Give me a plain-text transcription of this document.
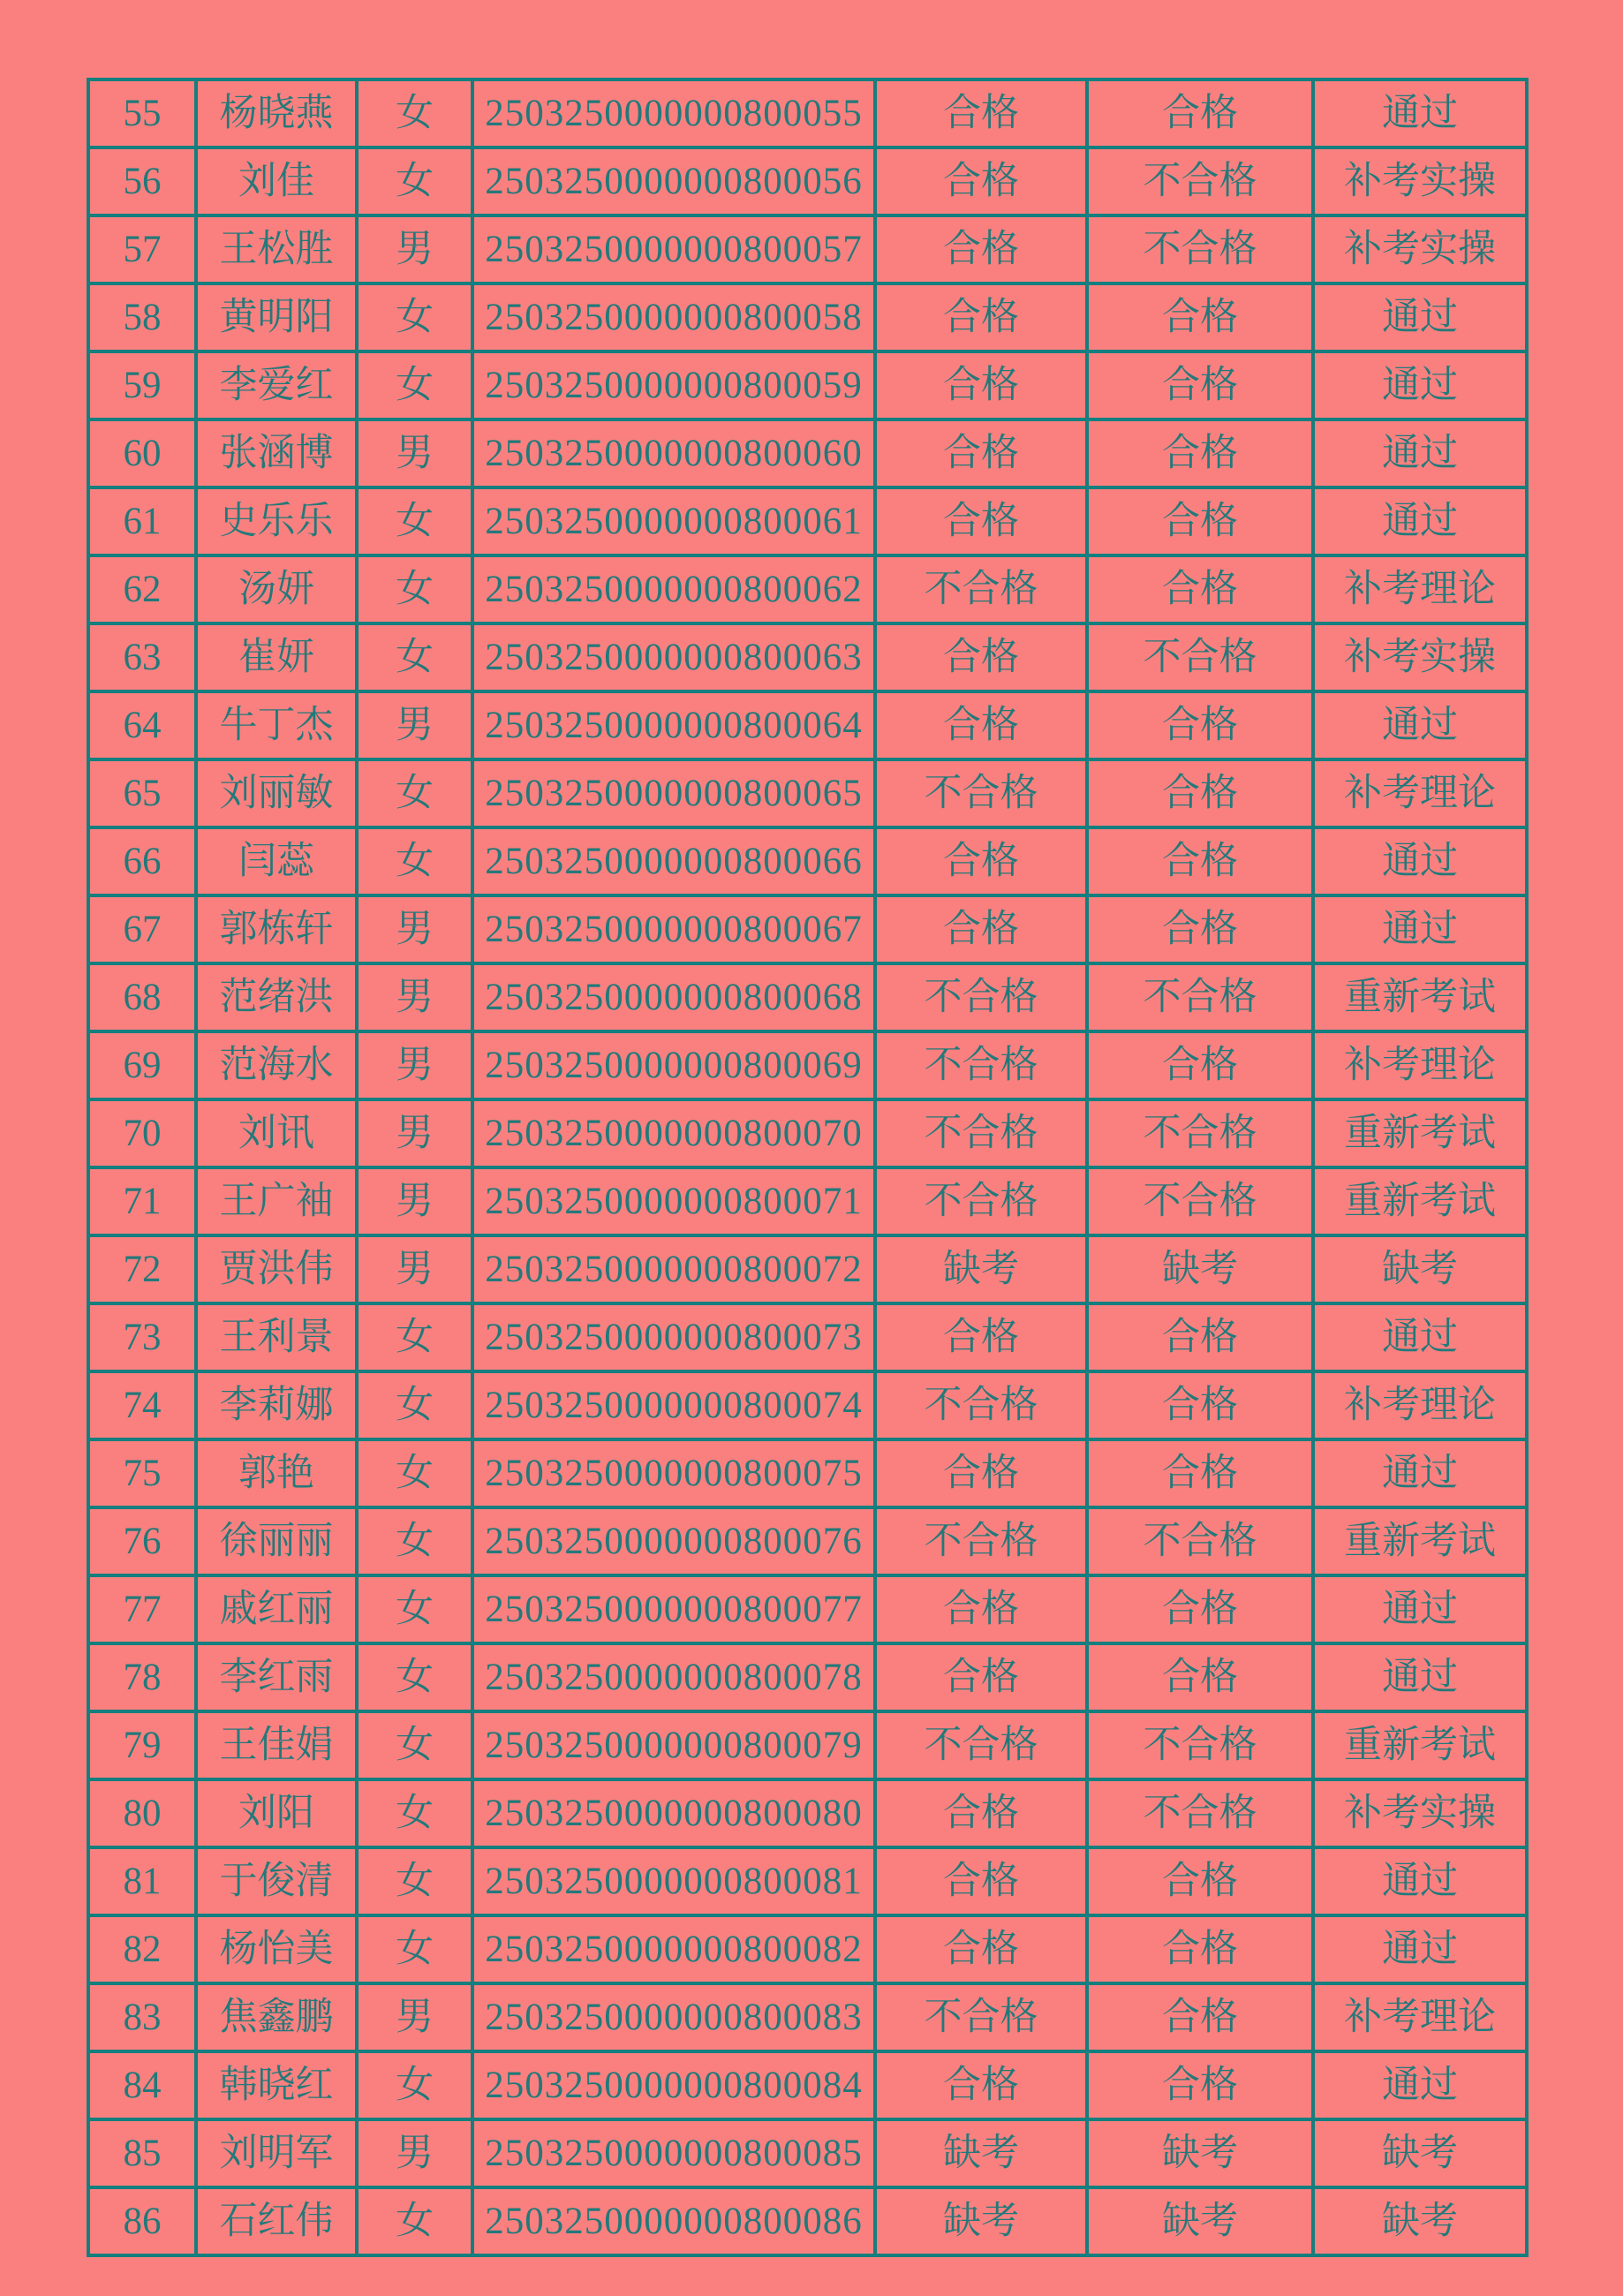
55	杨晓燕	女	2503250000000800055	合格	合格	通过
56	刘佳	女	2503250000000800056	合格	不合格	补考实操
57	王松胜	男	2503250000000800057	合格	不合格	补考实操
58	黄明阳	女	2503250000000800058	合格	合格	通过
59	李爱红	女	2503250000000800059	合格	合格	通过
60	张涵博	男	2503250000000800060	合格	合格	通过
61	史乐乐	女	2503250000000800061	合格	合格	通过
62	汤妍	女	2503250000000800062	不合格	合格	补考理论
63	崔妍	女	2503250000000800063	合格	不合格	补考实操
64	牛丁杰	男	2503250000000800064	合格	合格	通过
65	刘丽敏	女	2503250000000800065	不合格	合格	补考理论
66	闫蕊	女	2503250000000800066	合格	合格	通过
67	郭栋轩	男	2503250000000800067	合格	合格	通过
68	范绪洪	男	2503250000000800068	不合格	不合格	重新考试
69	范海水	男	2503250000000800069	不合格	合格	补考理论
70	刘讯	男	2503250000000800070	不合格	不合格	重新考试
71	王广袖	男	2503250000000800071	不合格	不合格	重新考试
72	贾洪伟	男	2503250000000800072	缺考	缺考	缺考
73	王利景	女	2503250000000800073	合格	合格	通过
74	李莉娜	女	2503250000000800074	不合格	合格	补考理论
75	郭艳	女	2503250000000800075	合格	合格	通过
76	徐丽丽	女	2503250000000800076	不合格	不合格	重新考试
77	戚红丽	女	2503250000000800077	合格	合格	通过
78	李红雨	女	2503250000000800078	合格	合格	通过
79	王佳娟	女	2503250000000800079	不合格	不合格	重新考试
80	刘阳	女	2503250000000800080	合格	不合格	补考实操
81	于俊清	女	2503250000000800081	合格	合格	通过
82	杨怡美	女	2503250000000800082	合格	合格	通过
83	焦鑫鹏	男	2503250000000800083	不合格	合格	补考理论
84	韩晓红	女	2503250000000800084	合格	合格	通过
85	刘明军	男	2503250000000800085	缺考	缺考	缺考
86	石红伟	女	2503250000000800086	缺考	缺考	缺考
